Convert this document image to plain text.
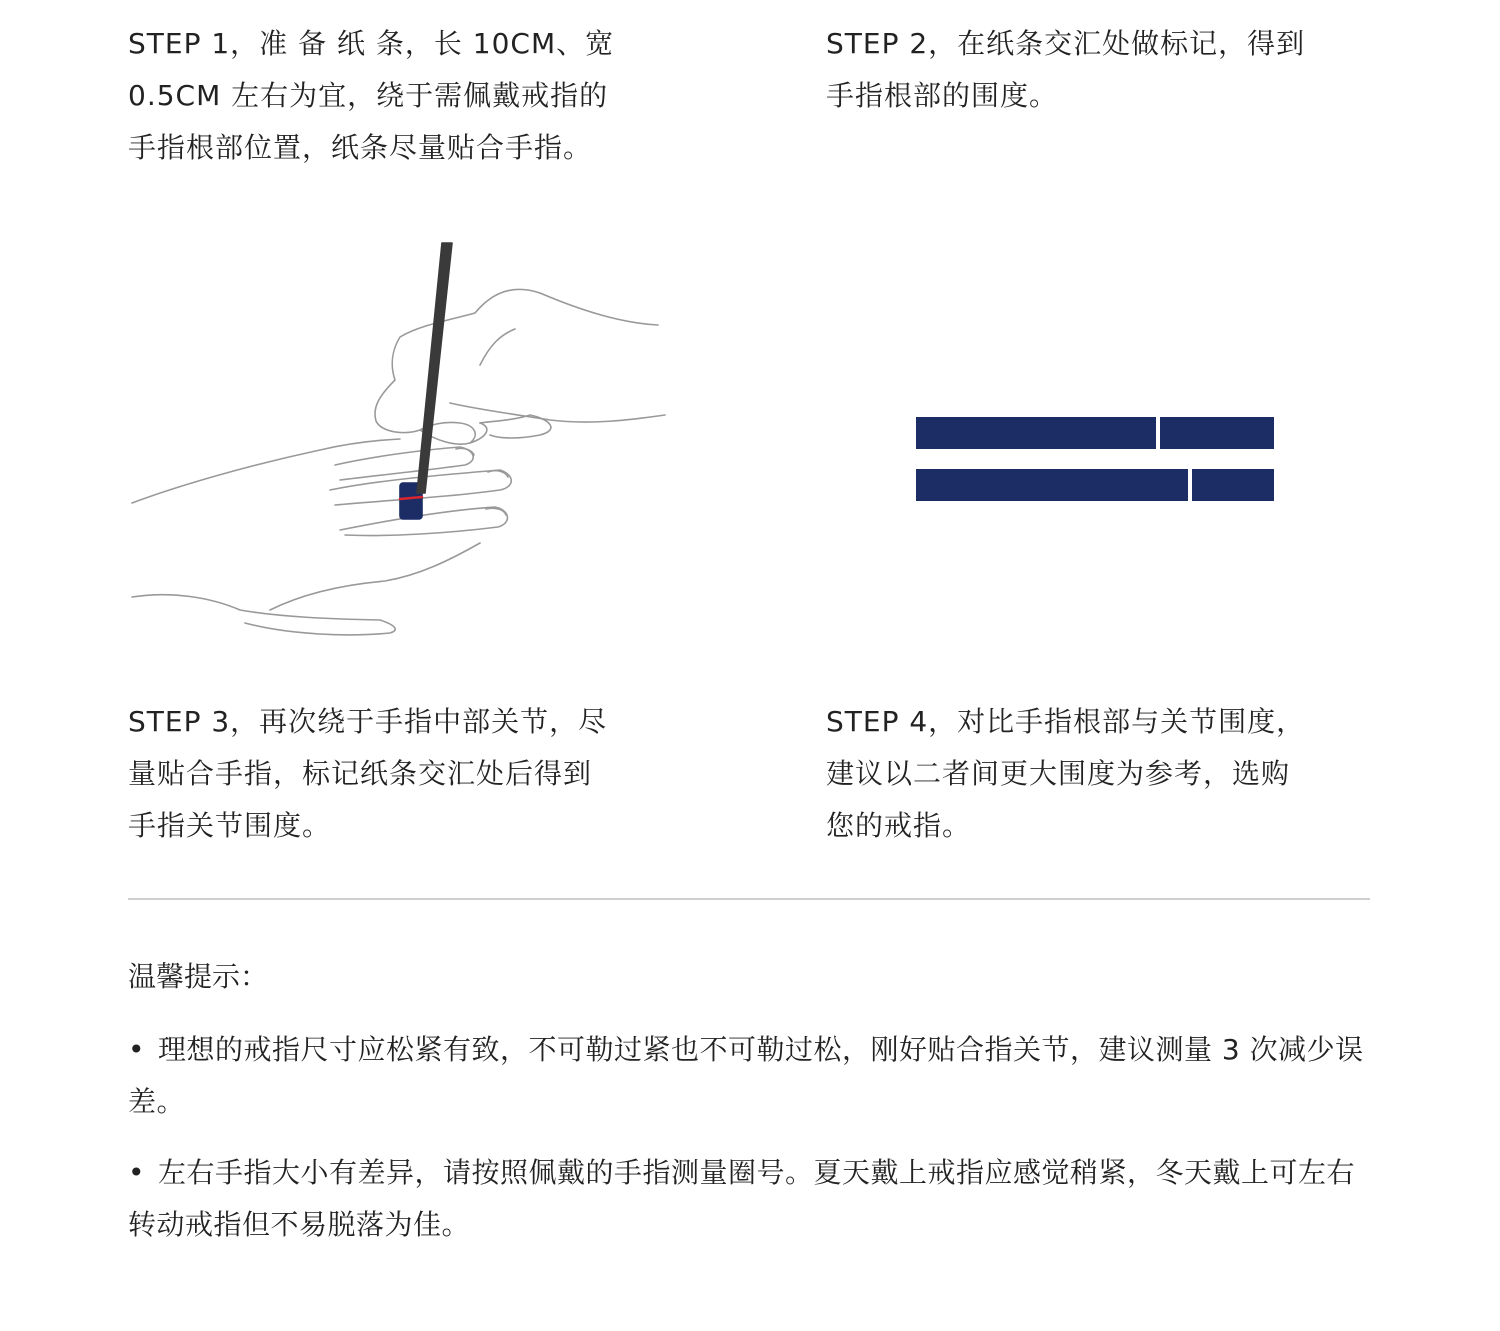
STEP 1，准 备 纸 条，长 10CM、宽
0.5CM 左右为宜，绕于需佩戴戒指的
手指根部位置，纸条尽量贴合手指。

STEP 2，在纸条交汇处做标记，得到
手指根部的围度。

STEP 3，再次绕于手指中部关节，尽
量贴合手指，标记纸条交汇处后得到
手指关节围度。

STEP 4，对比手指根部与关节围度，
建议以二者间更大围度为参考，选购
您的戒指。

温馨提示：

• 理想的戒指尺寸应松紧有致，不可勒过紧也不可勒过松，刚好贴合指关节，建议测量 3 次减少误差。

• 左右手指大小有差异，请按照佩戴的手指测量圈号。夏天戴上戒指应感觉稍紧，冬天戴上可左右转动戒指但不易脱落为佳。
